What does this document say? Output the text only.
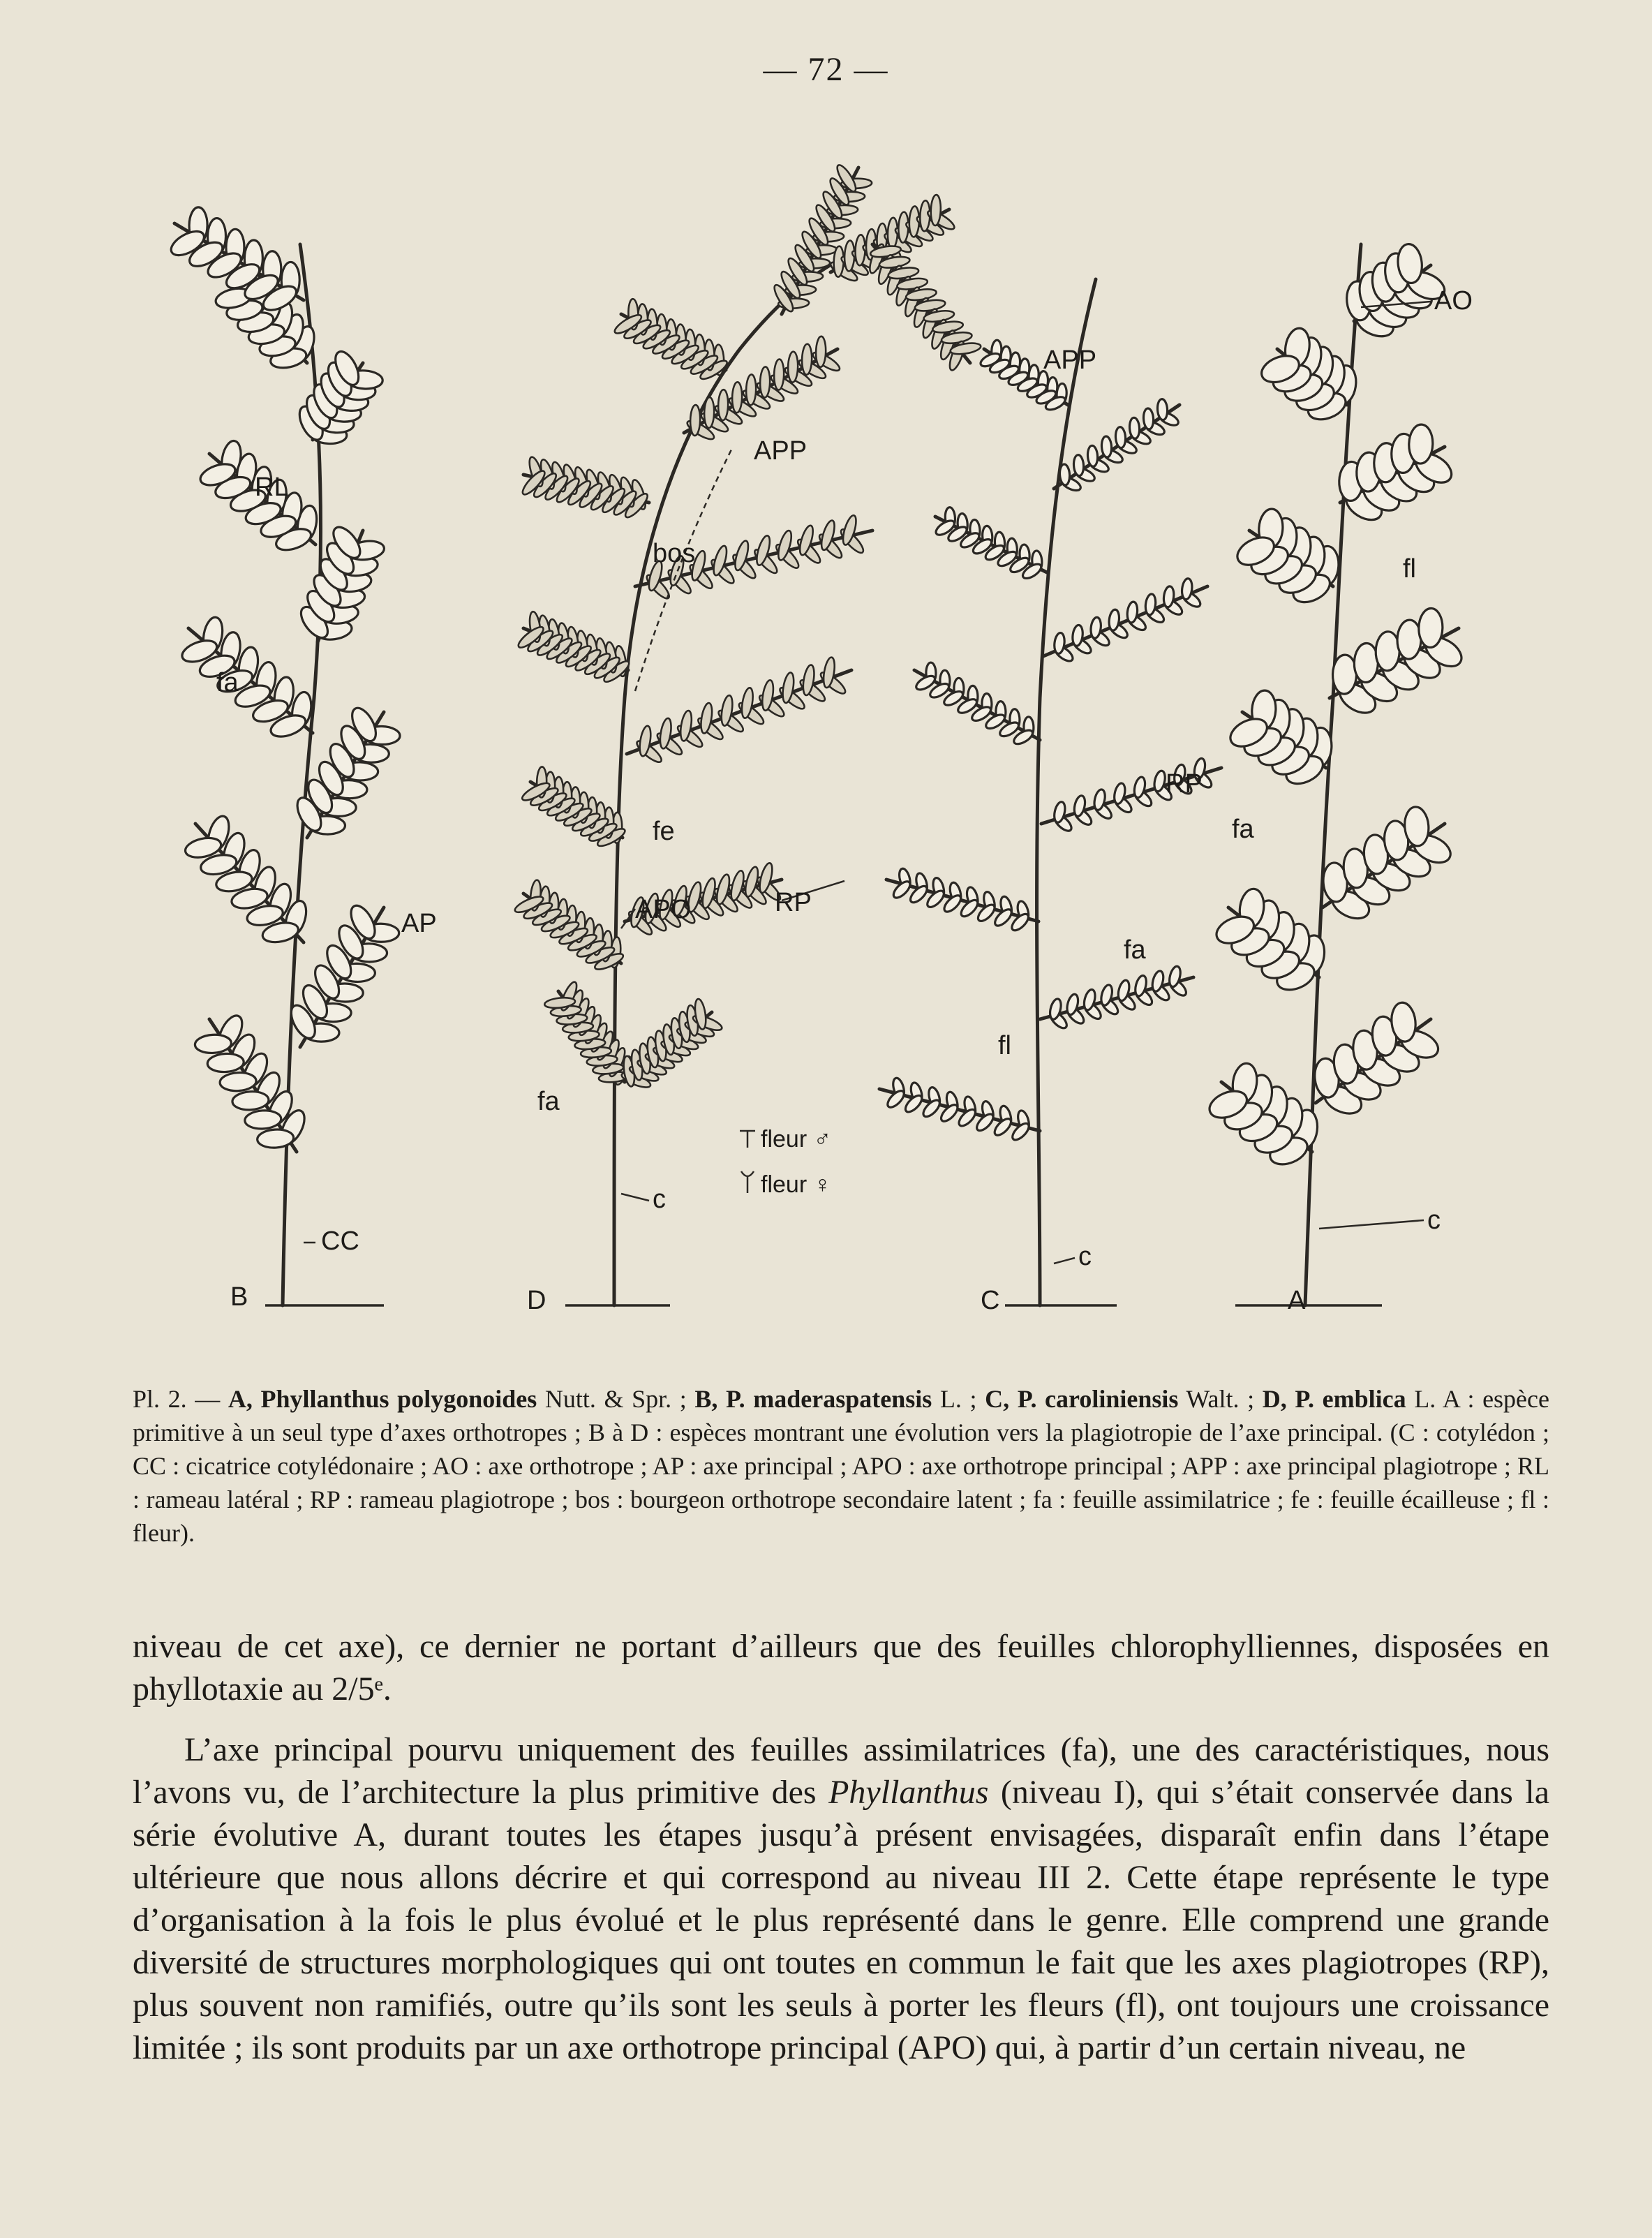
— 72 —
RL
fa
AP
CC
B
APP
bos
fe
APO	RP
fa
c
D
APP
RP
fa
fl
c
C
AO
fl
fa
c
A
fleur ♂
fleur ♀

Pl. 2. — A, Phyllanthus polygonoides Nutt. & Spr. ; B, P. maderaspatensis L. ; C, P. caroliniensis Walt. ; D, P. emblica L. A : espèce primitive à un seul type d’axes orthotropes ; B à D : espèces montrant une évolution vers la plagiotropie de l’axe principal. (C : cotylédon ; CC : cicatrice cotylédonaire ; AO : axe orthotrope ; AP : axe principal ; APO : axe orthotrope principal ; APP : axe principal plagiotrope ; RL : rameau latéral ; RP : rameau plagiotrope ; bos : bourgeon orthotrope secondaire latent ; fa : feuille assimilatrice ; fe : feuille écailleuse ; fl : fleur).

niveau de cet axe), ce dernier ne portant d’ailleurs que des feuilles chlorophylliennes, disposées en phyllotaxie au 2/5ᵉ.

L’axe principal pourvu uniquement des feuilles assimilatrices (fa), une des caractéristiques, nous l’avons vu, de l’architecture la plus primitive des Phyllanthus (niveau I), qui s’était conservée dans la série évolutive A, durant toutes les étapes jusqu’à présent envisagées, disparaît enfin dans l’étape ultérieure que nous allons décrire et qui correspond au niveau III 2. Cette étape représente le type d’organisation à la fois le plus évolué et le plus représenté dans le genre. Elle comprend une grande diversité de structures morphologiques qui ont toutes en commun le fait que les axes plagiotropes (RP), plus souvent non ramifiés, outre qu’ils sont les seuls à porter les fleurs (fl), ont toujours une croissance limitée ; ils sont produits par un axe orthotrope principal (APO) qui, à partir d’un certain niveau, ne
